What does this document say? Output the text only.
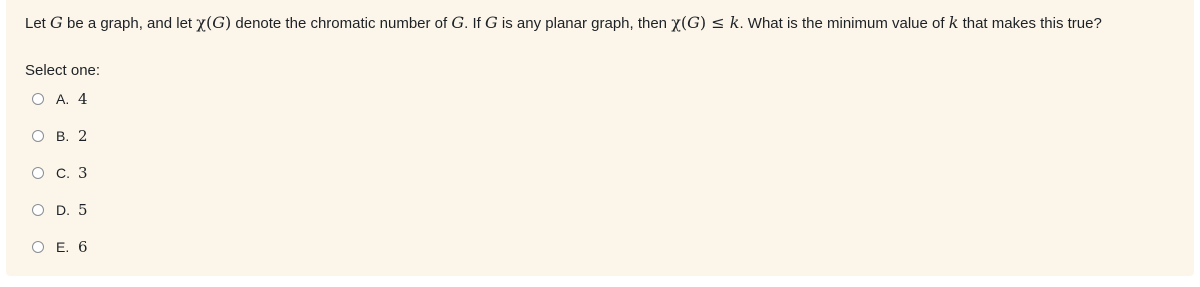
Let G be a graph, and let χ(G) denote the chromatic number of G. If G is any planar graph, then χ(G) ≤ k. What is the minimum value of k that makes this true?
Select one:
A. 4
B. 2
C. 3
D. 5
E. 6
